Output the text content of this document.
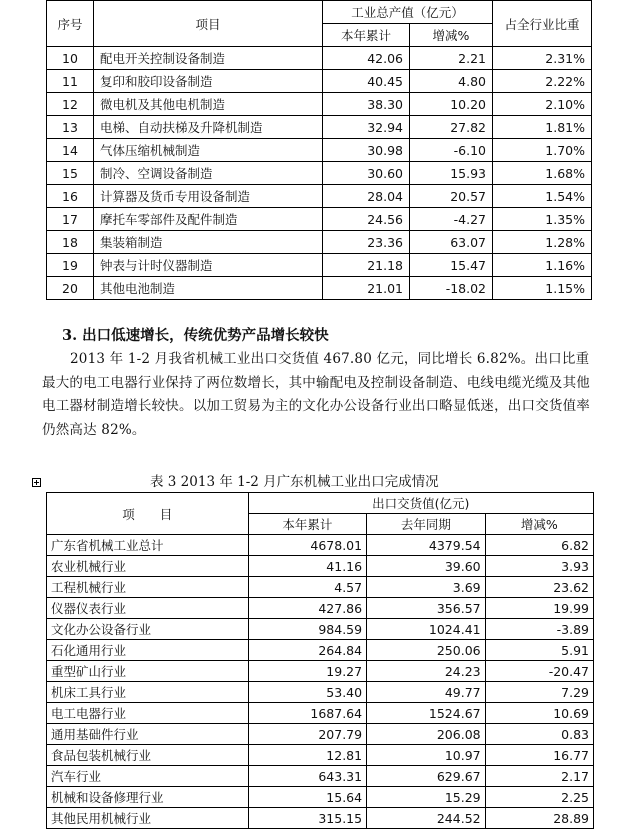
序号	项目	工业总产值（亿元）		占全行业比重
		本年累计	增减%	
10	配电开关控制设备制造	42.06	2.21	2.31%
11	复印和胶印设备制造	40.45	4.80	2.22%
12	微电机及其他电机制造	38.30	10.20	2.10%
13	电梯、自动扶梯及升降机制造	32.94	27.82	1.81%
14	气体压缩机械制造	30.98	-6.10	1.70%
15	制冷、空调设备制造	30.60	15.93	1.68%
16	计算器及货币专用设备制造	28.04	20.57	1.54%
17	摩托车零部件及配件制造	24.56	-4.27	1.35%
18	集装箱制造	23.36	63.07	1.28%
19	钟表与计时仪器制造	21.18	15.47	1.16%
20	其他电池制造	21.01	-18.02	1.15%

3. 出口低速增长，传统优势产品增长较快

2013 年 1-2 月我省机械工业出口交货值 467.80 亿元，同比增长 6.82%。出口比重最大的电工电器行业保持了两位数增长，其中输配电及控制设备制造、电线电缆光缆及其他电工器材制造增长较快。以加工贸易为主的文化办公设备行业出口略显低迷，出口交货值率仍然高达 82%。

表 3 2013 年 1-2 月广东机械工业出口完成情况

项　　目	出口交货值(亿元)		
	本年累计	去年同期	增减%
广东省机械工业总计	4678.01	4379.54	6.82
农业机械行业	41.16	39.60	3.93
工程机械行业	4.57	3.69	23.62
仪器仪表行业	427.86	356.57	19.99
文化办公设备行业	984.59	1024.41	-3.89
石化通用行业	264.84	250.06	5.91
重型矿山行业	19.27	24.23	-20.47
机床工具行业	53.40	49.77	7.29
电工电器行业	1687.64	1524.67	10.69
通用基础件行业	207.79	206.08	0.83
食品包装机械行业	12.81	10.97	16.77
汽车行业	643.31	629.67	2.17
机械和设备修理行业	15.64	15.29	2.25
其他民用机械行业	315.15	244.52	28.89
